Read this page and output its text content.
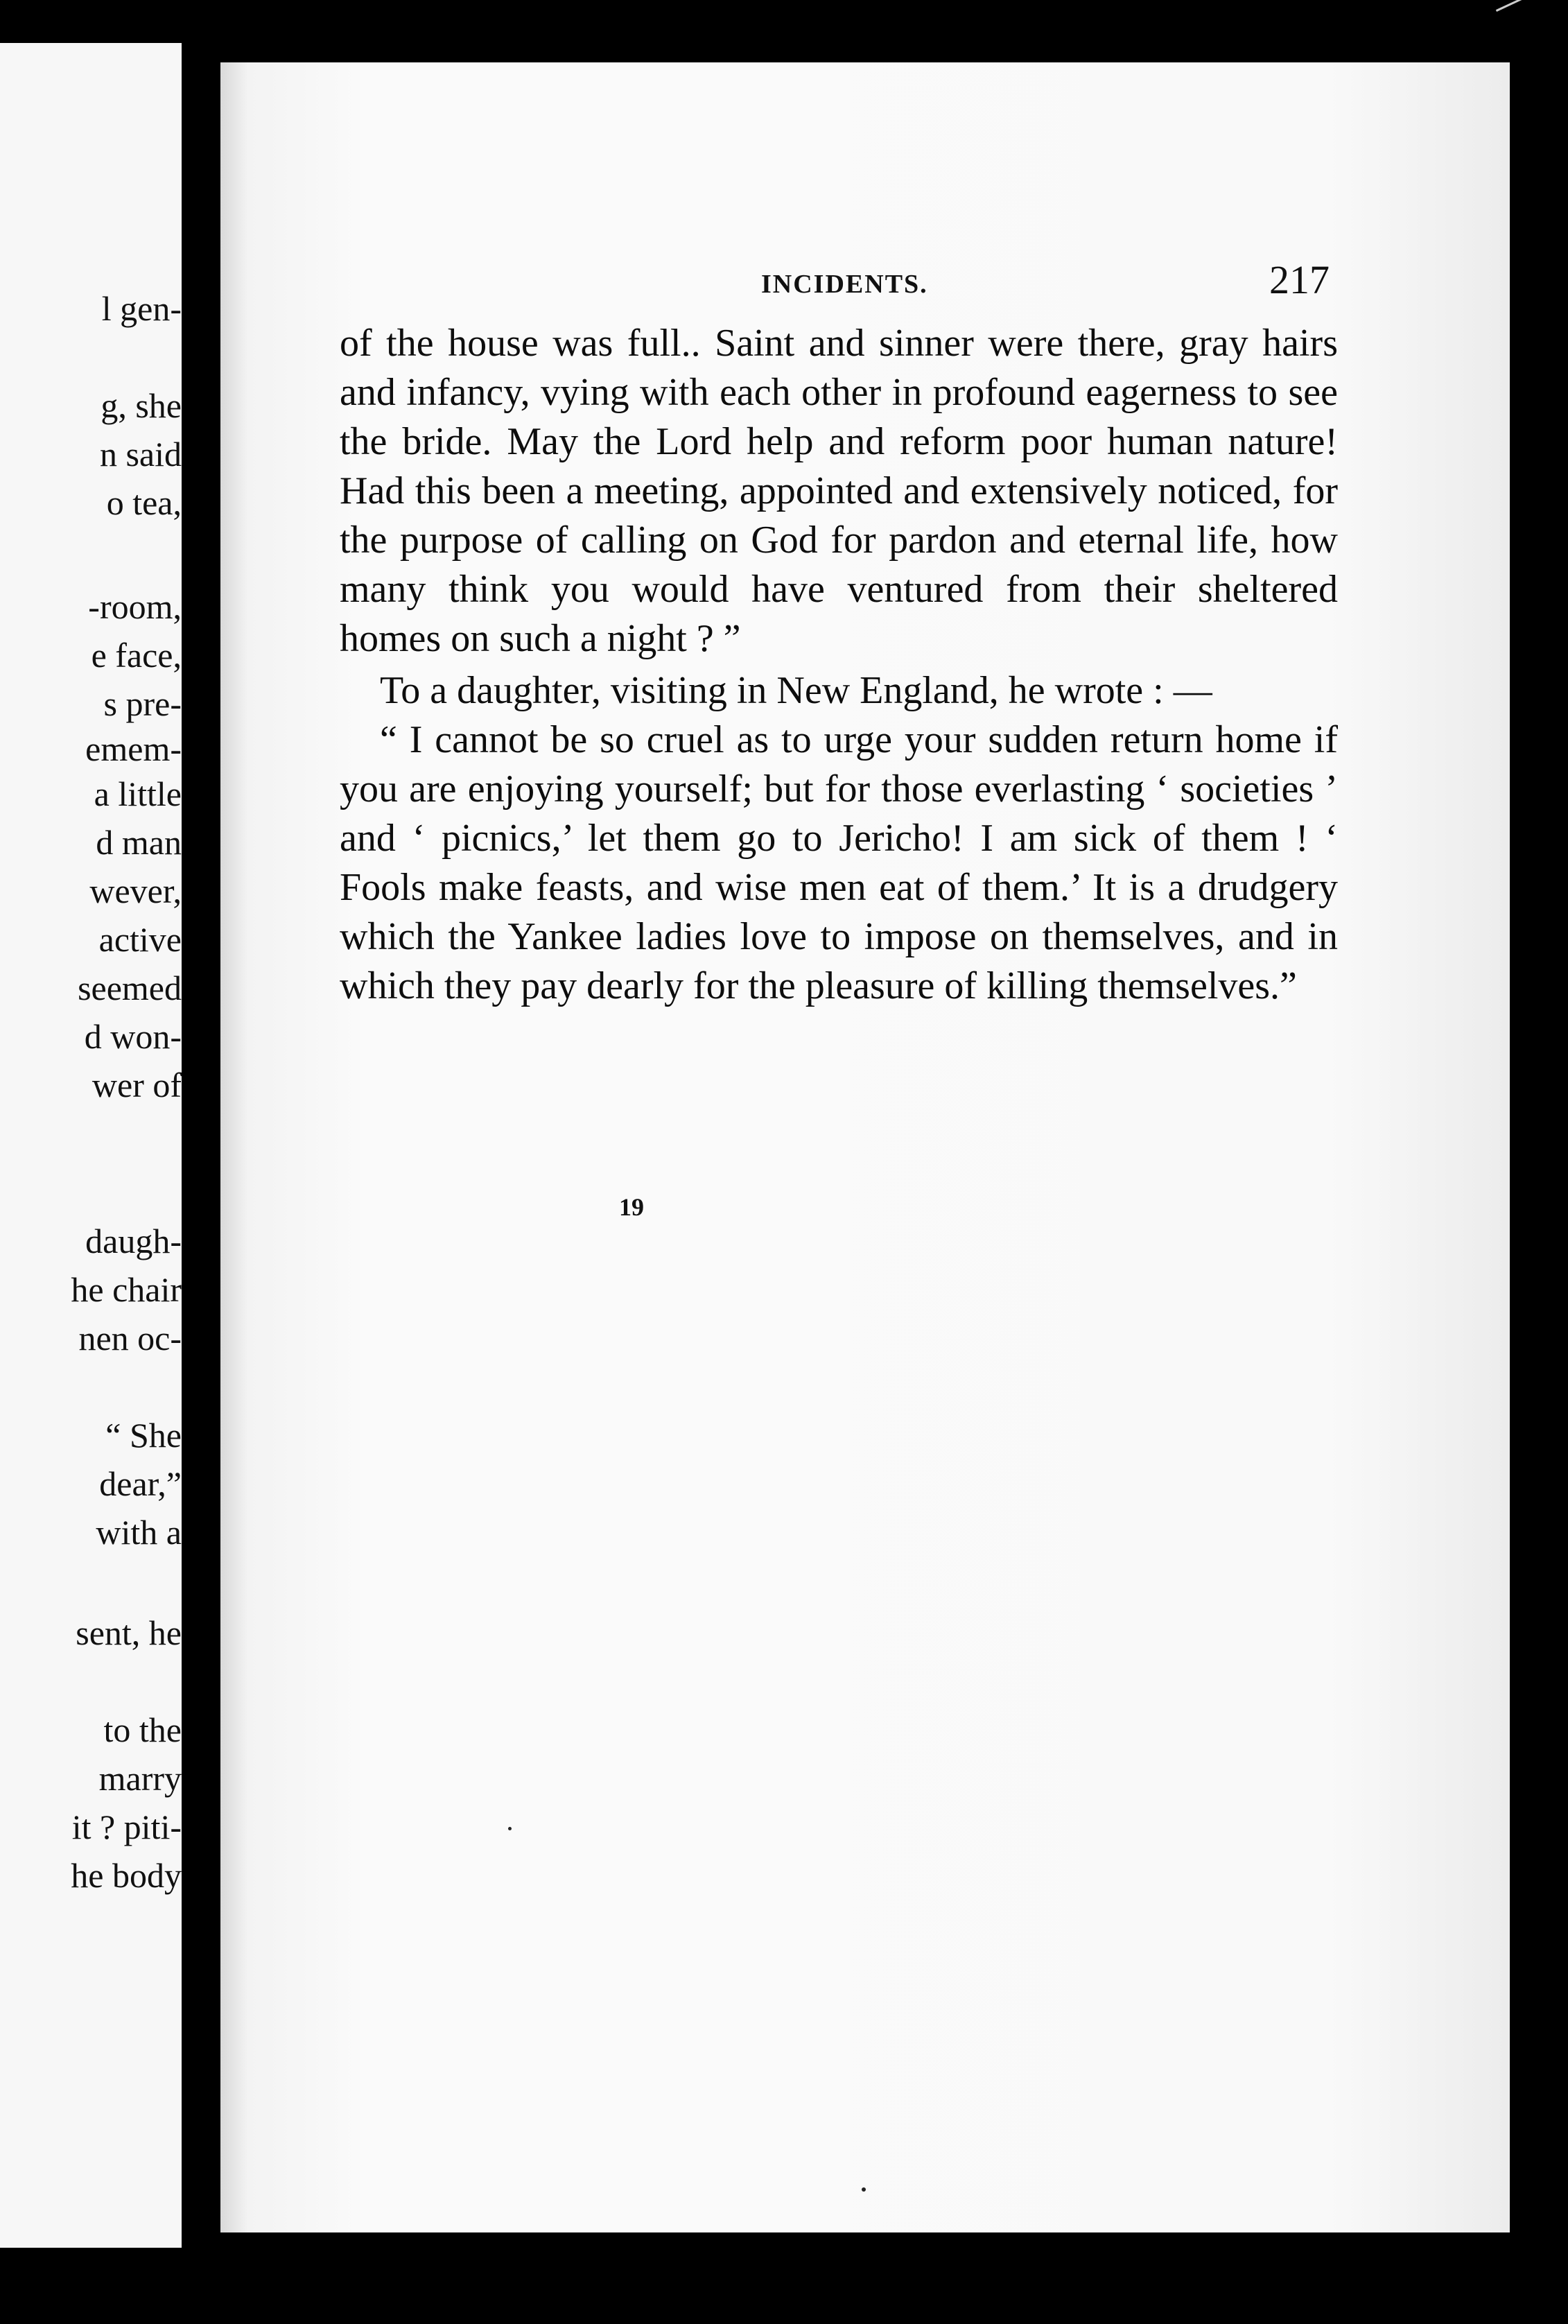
l gen-
g, she
n said
o tea,
-room,
e face,
s pre-
emem-
a little
d man
wever,
active
seemed
d won-
wer of
daugh-
he chair
nen oc-
“ She
dear,”
with a
sent, he
to the
marry
it ? piti-
he body
INCIDENTS.	217

of the house was full.. Saint and sinner were there, gray hairs and infancy, vying with each other in profound eagerness to see the bride. May the Lord help and reform poor human nature! Had this been a meeting, appointed and extensively noticed, for the purpose of calling on God for pardon and eternal life, how many think you would have ventured from their sheltered homes on such a night ? ”

To a daughter, visiting in New England, he wrote : —

“ I cannot be so cruel as to urge your sudden return home if you are enjoying yourself; but for those everlasting ‘ societies ’ and ‘ picnics,’ let them go to Jericho! I am sick of them ! ‘ Fools make feasts, and wise men eat of them.’ It is a drudgery which the Yankee ladies love to impose on themselves, and in which they pay dearly for the pleasure of killing themselves.”

19
